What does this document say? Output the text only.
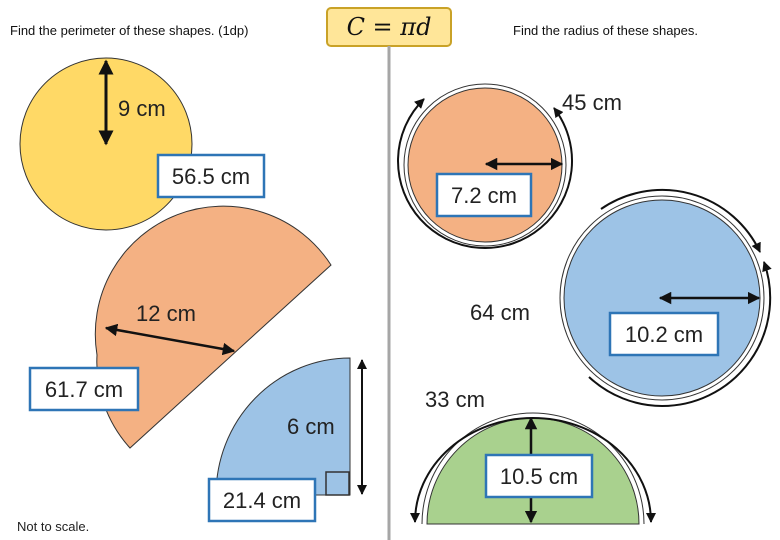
Find the perimeter of these shapes. (1dp)	Find the radius of these shapes.
C = πd
9 cm
12 cm
6 cm
56.5 cm
61.7 cm
21.4 cm
Not to scale.
45 cm
64 cm
33 cm
7.2 cm
10.2 cm
10.5 cm
